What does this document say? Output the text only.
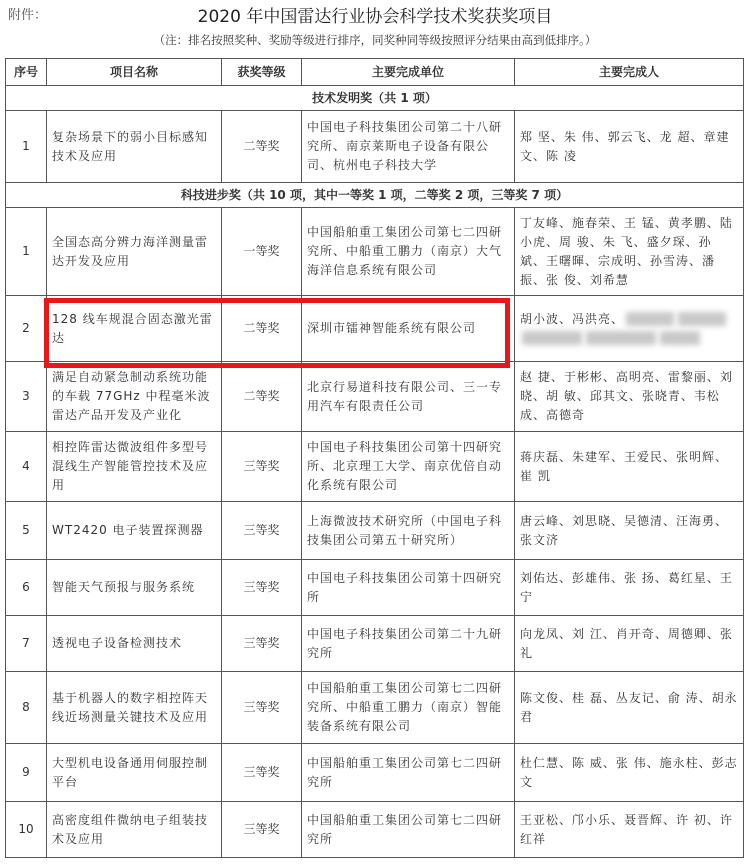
附件：	2020 年中国雷达行业协会科学技术奖获奖项目
（注：排名按照奖种、奖励等级进行排序，同奖种同等级按照评分结果由高到低排序。）
序号	项目名称	获奖等级	主要完成单位	主要完成人
技术发明奖（共 1 项）				
1	复杂场景下的弱小目标感知技术及应用	二等奖	中国电子科技集团公司第二十八研究所、南京莱斯电子设备有限公司、杭州电子科技大学	郑 坚、朱 伟、郭云飞、龙 超、章建文、陈 凌
科技进步奖（共 10 项，其中一等奖 1 项，二等奖 2 项，三等奖 7 项）				
1	全国态高分辨力海洋测量雷达开发及应用	一等奖	中国船舶重工集团公司第七二四研究所、中船重工鹏力（南京）大气海洋信息系统有限公司	丁友峰、施春荣、王 锰、黄孝鹏、陆小虎、周 骏、朱 飞、盛夕琛、孙 斌、王曙暉、宗成明、孙雪涛、潘 振、张 俊、刘希慧
2	128 线车规混合固态激光雷达	二等奖	深圳市镭神智能系统有限公司	胡小波、冯洪亮、

3	满足自动紧急制动系统功能的车载 77GHz 中程毫米波雷达产品开发及产业化	二等奖	北京行易道科技有限公司、三一专用汽车有限责任公司	赵 捷、于彬彬、高明亮、雷黎丽、刘 晓、胡 敏、邱其文、张晓青、韦松成、高德奇
4	相控阵雷达微波组件多型号混线生产智能管控技术及应用	三等奖	中国电子科技集团公司第十四研究所、北京理工大学、南京优倍自动化系统有限公司	蒋庆磊、朱建军、王爱民、张明辉、崔 凯
5	WT2420 电子装置探测器	三等奖	上海微波技术研究所（中国电子科技集团公司第五十研究所）	唐云峰、刘思晓、吴德清、汪海勇、张文济
6	智能天气预报与服务系统	三等奖	中国电子科技集团公司第十四研究所	刘佑达、彭雄伟、张 扬、葛红星、王 宁
7	透视电子设备检测技术	三等奖	中国电子科技集团公司第二十九研究所	向龙凤、刘 江、肖开奇、周德卿、张 礼
8	基于机器人的数字相控阵天线近场测量关键技术及应用	三等奖	中国船舶重工集团公司第七二四研究所、中船重工鹏力（南京）智能装备系统有限公司	陈文俊、桂 磊、丛友记、俞 涛、胡永君
9	大型机电设备通用伺服控制平台	三等奖	中国船舶重工集团公司第七二四研究所	杜仁慧、陈 威、张 伟、施永柱、彭志文
10	高密度组件微纳电子组装技术及应用	三等奖	中国船舶重工集团公司第七二四研究所	王亚松、邝小乐、聂晋辉、许 初、许红祥
